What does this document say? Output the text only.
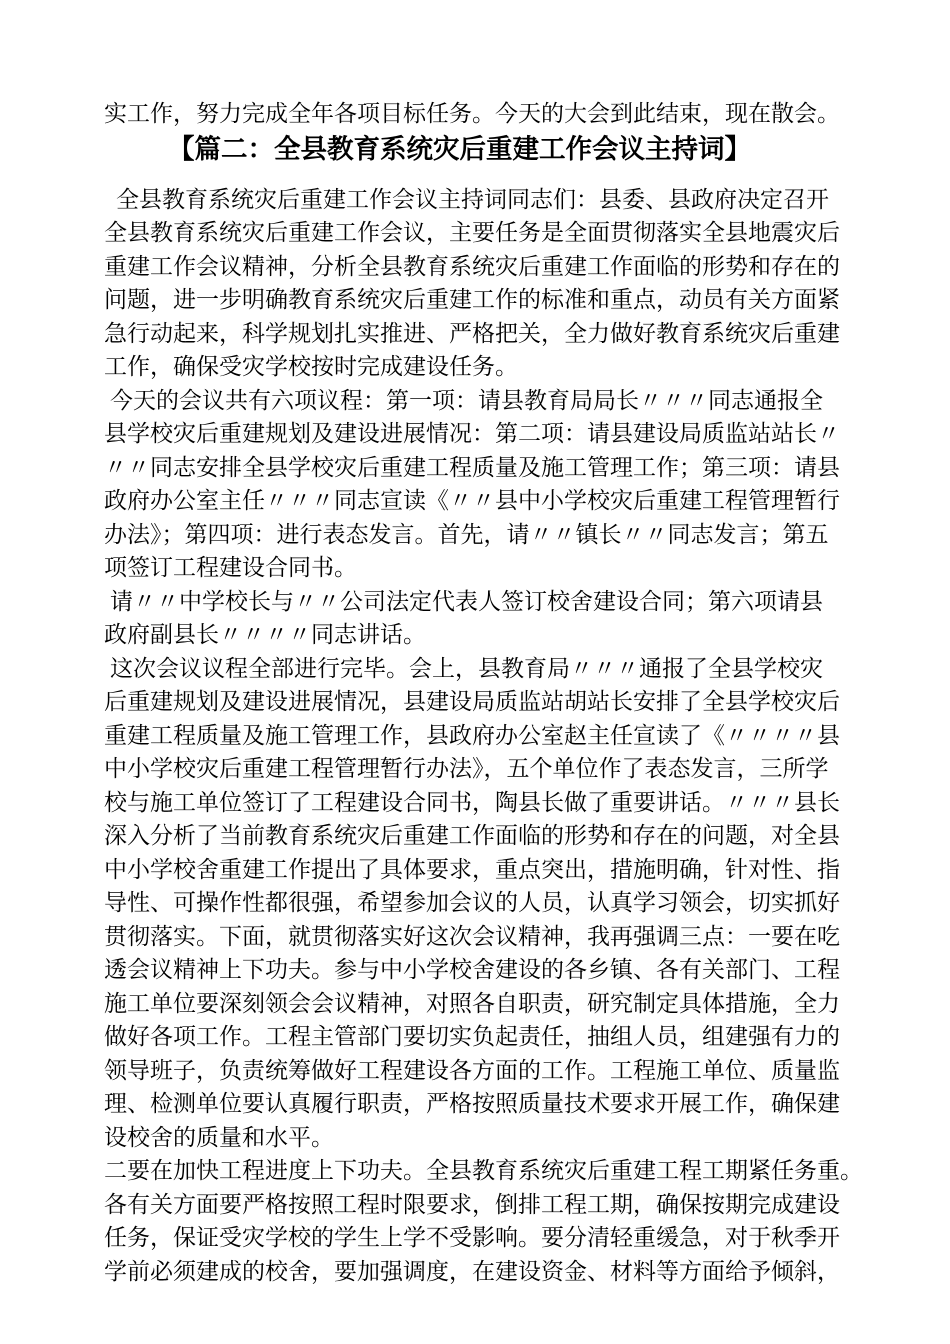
实工作，努力完成全年各项目标任务。今天的大会到此结束，现在散会。
【篇二：全县教育系统灾后重建工作会议主持词】
全县教育系统灾后重建工作会议主持词同志们：县委、县政府决定召开
全县教育系统灾后重建工作会议，主要任务是全面贯彻落实全县地震灾后
重建工作会议精神，分析全县教育系统灾后重建工作面临的形势和存在的
问题，进一步明确教育系统灾后重建工作的标准和重点，动员有关方面紧
急行动起来，科学规划扎实推进、严格把关，全力做好教育系统灾后重建
工作，确保受灾学校按时完成建设任务。
今天的会议共有六项议程：第一项：请县教育局局长〃〃〃同志通报全
县学校灾后重建规划及建设进展情况：第二项：请县建设局质监站站长〃
〃〃同志安排全县学校灾后重建工程质量及施工管理工作；第三项：请县
政府办公室主任〃〃〃同志宣读《〃〃县中小学校灾后重建工程管理暂行
办法》；第四项：进行表态发言。首先，请〃〃镇长〃〃同志发言；第五
项签订工程建设合同书。
请〃〃中学校长与〃〃公司法定代表人签订校舍建设合同；第六项请县
政府副县长〃〃〃〃同志讲话。
这次会议议程全部进行完毕。会上，县教育局〃〃〃通报了全县学校灾
后重建规划及建设进展情况，县建设局质监站胡站长安排了全县学校灾后
重建工程质量及施工管理工作，县政府办公室赵主任宣读了《〃〃〃〃县
中小学校灾后重建工程管理暂行办法》，五个单位作了表态发言，三所学
校与施工单位签订了工程建设合同书，陶县长做了重要讲话。〃〃〃县长
深入分析了当前教育系统灾后重建工作面临的形势和存在的问题，对全县
中小学校舍重建工作提出了具体要求，重点突出，措施明确，针对性、指
导性、可操作性都很强，希望参加会议的人员，认真学习领会，切实抓好
贯彻落实。下面，就贯彻落实好这次会议精神，我再强调三点：一要在吃
透会议精神上下功夫。参与中小学校舍建设的各乡镇、各有关部门、工程
施工单位要深刻领会会议精神，对照各自职责，研究制定具体措施，全力
做好各项工作。工程主管部门要切实负起责任，抽组人员，组建强有力的
领导班子，负责统筹做好工程建设各方面的工作。工程施工单位、质量监
理、检测单位要认真履行职责，严格按照质量技术要求开展工作，确保建
设校舍的质量和水平。
二要在加快工程进度上下功夫。全县教育系统灾后重建工程工期紧任务重。
各有关方面要严格按照工程时限要求，倒排工程工期，确保按期完成建设
任务，保证受灾学校的学生上学不受影响。要分清轻重缓急，对于秋季开
学前必须建成的校舍，要加强调度，在建设资金、材料等方面给予倾斜，
